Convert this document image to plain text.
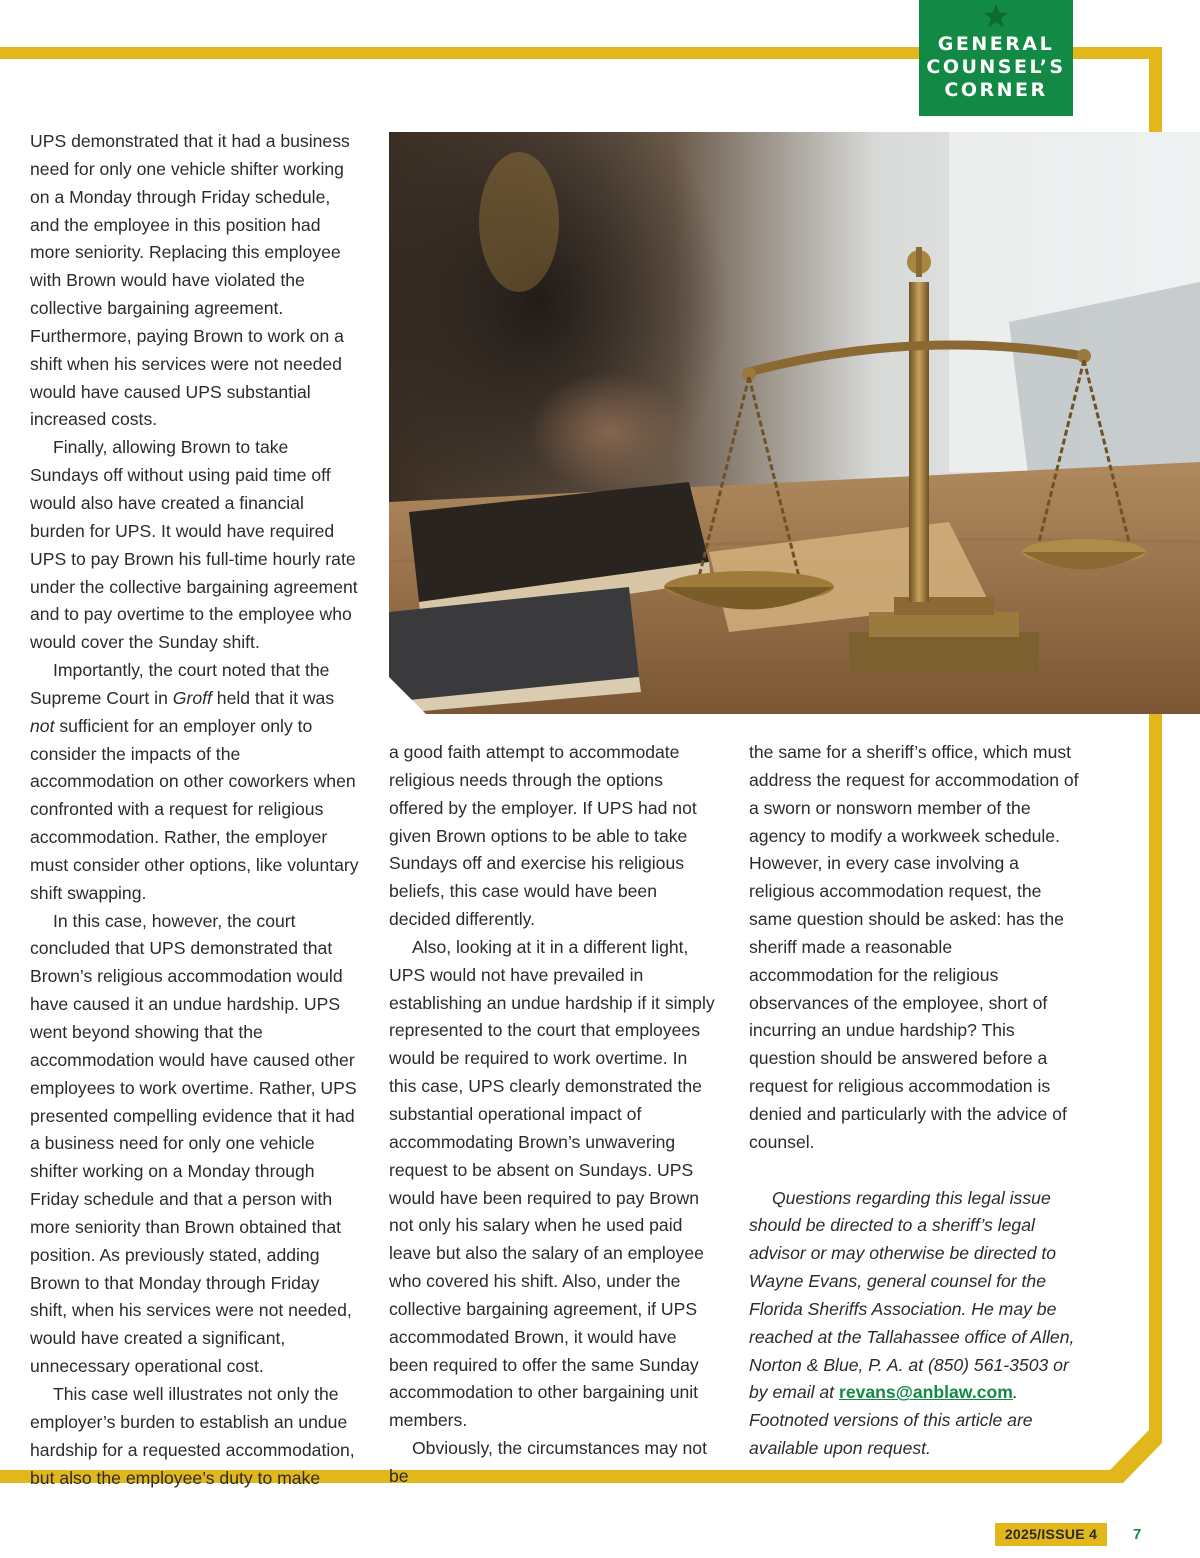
GENERAL
COUNSEL’S
CORNER

UPS demonstrated that it had a business need for only one vehicle shifter working on a Monday through Friday schedule, and the employee in this position had more seniority. Replacing this employee with Brown would have violated the collective bargaining agreement. Furthermore, paying Brown to work on a shift when his services were not needed would have caused UPS substantial increased costs.

Finally, allowing Brown to take Sundays off without using paid time off would also have created a financial burden for UPS. It would have required UPS to pay Brown his full-time hourly rate under the collective bargaining agreement and to pay overtime to the employee who would cover the Sunday shift.

Importantly, the court noted that the Supreme Court in Groff held that it was not sufficient for an employer only to consider the impacts of the accommodation on other coworkers when confronted with a request for religious accommodation. Rather, the employer must consider other options, like voluntary shift swapping.

In this case, however, the court concluded that UPS demonstrated that Brown’s religious accommodation would have caused it an undue hardship. UPS went beyond showing that the accommodation would have caused other employees to work overtime. Rather, UPS presented compelling evidence that it had a business need for only one vehicle shifter working on a Monday through Friday schedule and that a person with more seniority than Brown obtained that position. As previously stated, adding Brown to that Monday through Friday shift, when his services were not needed, would have created a significant, unnecessary operational cost.

This case well illustrates not only the employer’s burden to establish an undue hardship for a requested accommodation, but also the employee’s duty to make

a good faith attempt to accommodate religious needs through the options offered by the employer. If UPS had not given Brown options to be able to take Sundays off and exercise his religious beliefs, this case would have been decided differently.

Also, looking at it in a different light, UPS would not have prevailed in establishing an undue hardship if it simply represented to the court that employees would be required to work overtime. In this case, UPS clearly demonstrated the substantial operational impact of accommodating Brown’s unwavering request to be absent on Sundays. UPS would have been required to pay Brown not only his salary when he used paid leave but also the salary of an employee who covered his shift. Also, under the collective bargaining agreement, if UPS accommodated Brown, it would have been required to offer the same Sunday accommodation to other bargaining unit members.

Obviously, the circumstances may not be

the same for a sheriff’s office, which must address the request for accommodation of a sworn or nonsworn member of the agency to modify a workweek schedule. However, in every case involving a religious accommodation request, the same question should be asked: has the sheriff made a reasonable accommodation for the religious observances of the employee, short of incurring an undue hardship? This question should be answered before a request for religious accommodation is denied and particularly with the advice of counsel.

Questions regarding this legal issue should be directed to a sheriff’s legal advisor or may otherwise be directed to Wayne Evans, general counsel for the Florida Sheriffs Association. He may be reached at the Tallahassee office of Allen, Norton & Blue, P. A. at (850) 561-3503 or by email at revans@anblaw.com. Footnoted versions of this article are available upon request.

2025/ISSUE 4	7
